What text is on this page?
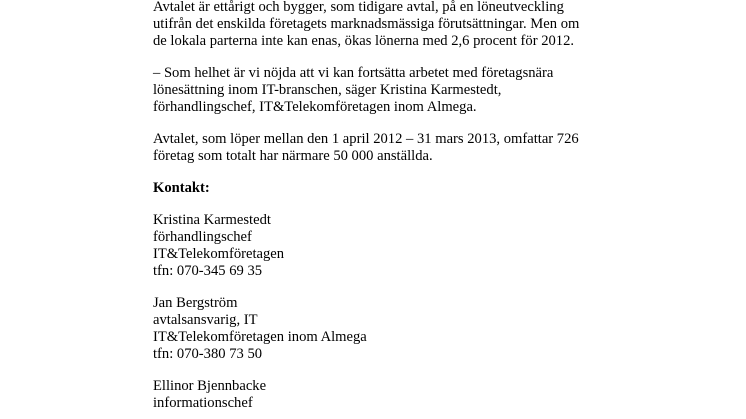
Avtalet är ettårigt och bygger, som tidigare avtal, på en löneutveckling
utifrån det enskilda företagets marknadsmässiga förutsättningar. Men om
de lokala parterna inte kan enas, ökas lönerna med 2,6 procent för 2012.
– Som helhet är vi nöjda att vi kan fortsätta arbetet med företagsnära
lönesättning inom IT-branschen, säger Kristina Karmestedt,
förhandlingschef, IT&Telekomföretagen inom Almega.
Avtalet, som löper mellan den 1 april 2012 – 31 mars 2013, omfattar 726
företag som totalt har närmare 50 000 anställda.
Kontakt:
Kristina Karmestedt
förhandlingschef
IT&Telekomföretagen
tfn: 070-345 69 35
Jan Bergström
avtalsansvarig, IT
IT&Telekomföretagen inom Almega
tfn: 070-380 73 50
Ellinor Bjennbacke
informationschef
